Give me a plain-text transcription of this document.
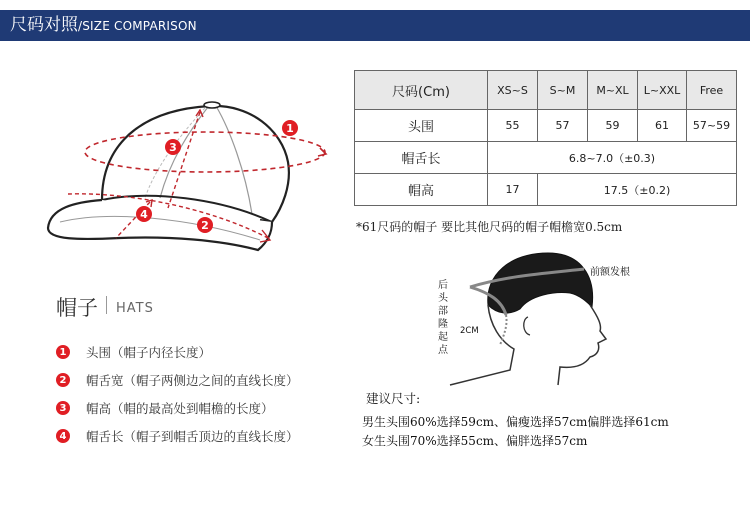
尺码对照/SIZE COMPARISON
1
3
4
2
帽子 HATS
1 头围（帽子内径长度）
2 帽舌宽（帽子两侧边之间的直线长度）
3 帽高（帽的最高处到帽檐的长度）
4 帽舌长（帽子到帽舌顶边的直线长度）
尺码(Cm)	XS~S	S~M	M~XL	L~XXL	Free
头围	55	57	59	61	57~59
帽舌长	6.8~7.0（±0.3)				
帽高	17	17.5（±0.2)			
*61尺码的帽子 要比其他尺码的帽子帽檐宽0.5cm
前额发根
2CM
后头部隆起点
建议尺寸:
男生头围60%选择59cm、偏瘦选择57cm偏胖选择61cm
女生头围70%选择55cm、偏胖选择57cm
